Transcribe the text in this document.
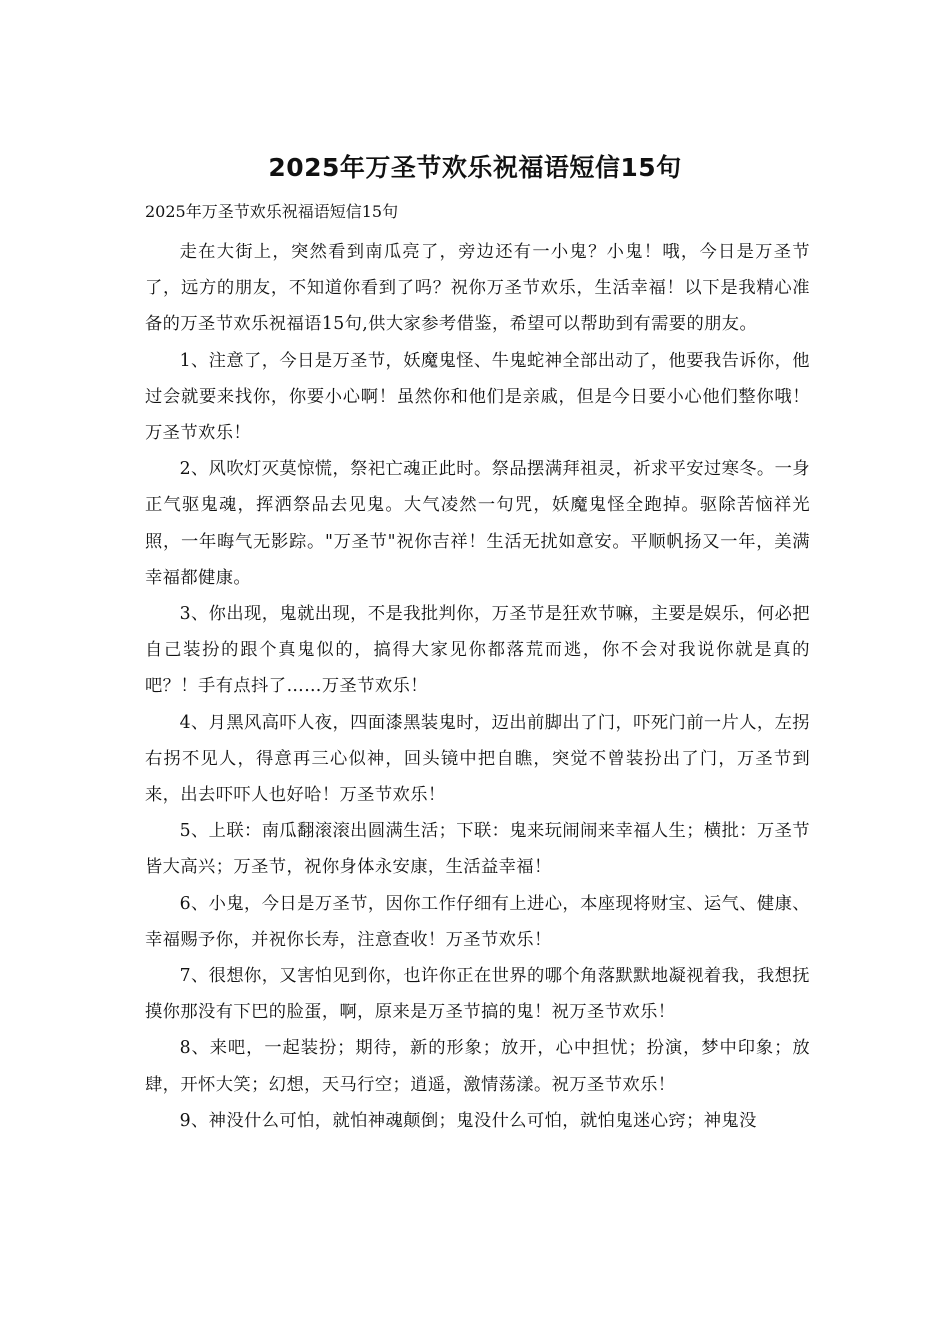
2025年万圣节欢乐祝福语短信15句
2025年万圣节欢乐祝福语短信15句

走在大街上，突然看到南瓜亮了，旁边还有一小鬼？小鬼！哦，今日是万圣节了，远方的朋友，不知道你看到了吗？祝你万圣节欢乐，生活幸福！以下是我精心准备的万圣节欢乐祝福语15句,供大家参考借鉴，希望可以帮助到有需要的朋友。

1、注意了，今日是万圣节，妖魔鬼怪、牛鬼蛇神全部出动了，他要我告诉你，他过会就要来找你，你要小心啊！虽然你和他们是亲戚，但是今日要小心他们整你哦！万圣节欢乐！

2、风吹灯灭莫惊慌，祭祀亡魂正此时。祭品摆满拜祖灵，祈求平安过寒冬。一身正气驱鬼魂，挥洒祭品去见鬼。大气凌然一句咒，妖魔鬼怪全跑掉。驱除苦恼祥光照，一年晦气无影踪。"万圣节"祝你吉祥！生活无扰如意安。平顺帆扬又一年，美满幸福都健康。

3、你出现，鬼就出现，不是我批判你，万圣节是狂欢节嘛，主要是娱乐，何必把自己装扮的跟个真鬼似的，搞得大家见你都落荒而逃，你不会对我说你就是真的吧？！手有点抖了……万圣节欢乐！

4、月黑风高吓人夜，四面漆黑装鬼时，迈出前脚出了门，吓死门前一片人，左拐右拐不见人，得意再三心似神，回头镜中把自瞧，突觉不曾装扮出了门，万圣节到来，出去吓吓人也好哈！万圣节欢乐！

5、上联：南瓜翻滚滚出圆满生活；下联：鬼来玩闹闹来幸福人生；横批：万圣节皆大高兴；万圣节，祝你身体永安康，生活益幸福！

6、小鬼，今日是万圣节，因你工作仔细有上进心，本座现将财宝、运气、健康、幸福赐予你，并祝你长寿，注意查收！万圣节欢乐！

7、很想你，又害怕见到你，也许你正在世界的哪个角落默默地凝视着我，我想抚摸你那没有下巴的脸蛋，啊，原来是万圣节搞的鬼！祝万圣节欢乐！

8、来吧，一起装扮；期待，新的形象；放开，心中担忧；扮演，梦中印象；放肆，开怀大笑；幻想，天马行空；逍遥，激情荡漾。祝万圣节欢乐！

9、神没什么可怕，就怕神魂颠倒；鬼没什么可怕，就怕鬼迷心窍；神鬼没
